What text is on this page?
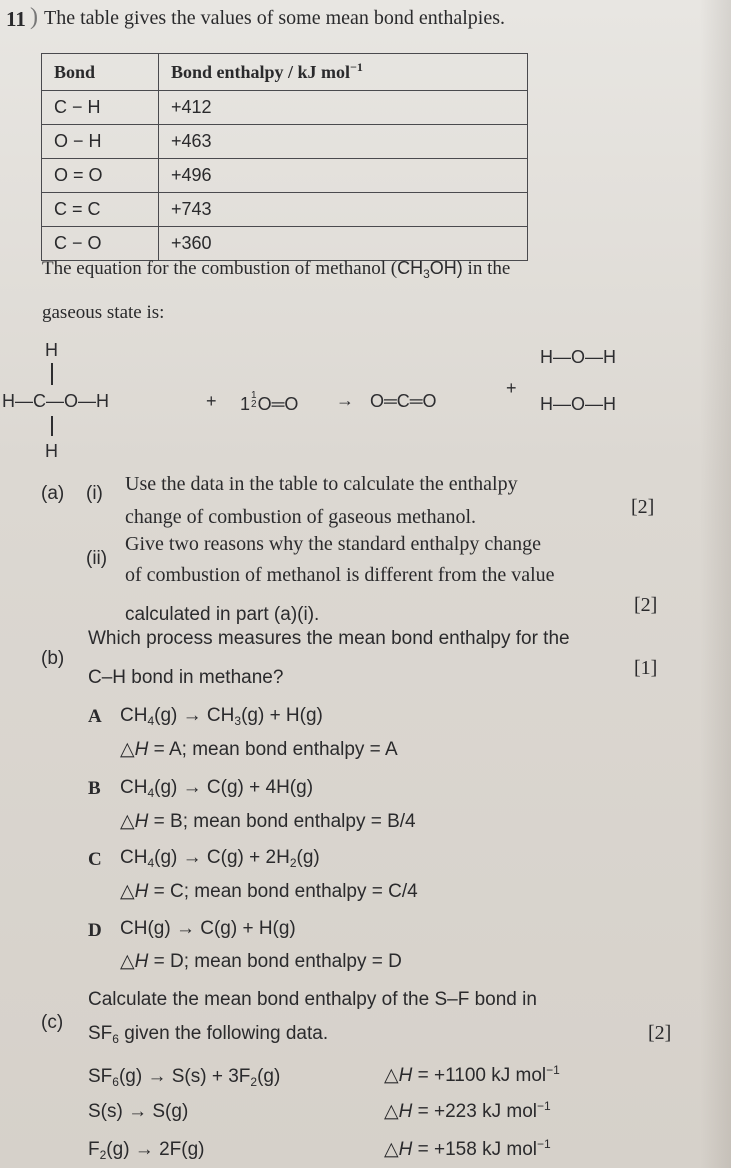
11 ) The table gives the values of some mean bond enthalpies.
Bond	Bond enthalpy / kJ mol$^{-1}$
C − H	+412
O − H	+463
O = O	+496
C = C	+743
C − O	+360
The equation for the combustion of methanol $(CH_3OH)$ in the
gaseous state is:
H
H—C—O—H
H
+ 11
2O═O → O═C═O
+
H—O—H
H—O—H
(a) (i) Use the data in the table to calculate the enthalpy
change of combustion of gaseous methanol.	[2]
(ii)
Give two reasons why the standard enthalpy change
of combustion of methanol is different from the value
calculated in part (a)(i).	[2]
(b)
Which process measures the mean bond enthalpy for the
C–H bond in methane?	[1]
A $CH_4(g) \to CH_3(g) + H(g)$
△H = A; mean bond enthalpy = A
B $CH_4(g) \to C(g) + 4H(g)$
△H = B; mean bond enthalpy = B/4
C $CH_4(g) \to C(g) + 2H_2(g)$
△H = C; mean bond enthalpy = C/4
D CH(g) → C(g) + H(g)
△H = D; mean bond enthalpy = D
(c)
Calculate the mean bond enthalpy of the S–F bond in
$SF_6$ given the following data.	[2]
$SF_6(g) \to S(s) + 3F_2(g)$	△H = +1100 kJ mol$^{-1}$
S(s) → S(g)	△H = +223 kJ mol$^{-1}$
$F_2(g) \to 2F(g)$	△H = +158 kJ mol$^{-1}$
